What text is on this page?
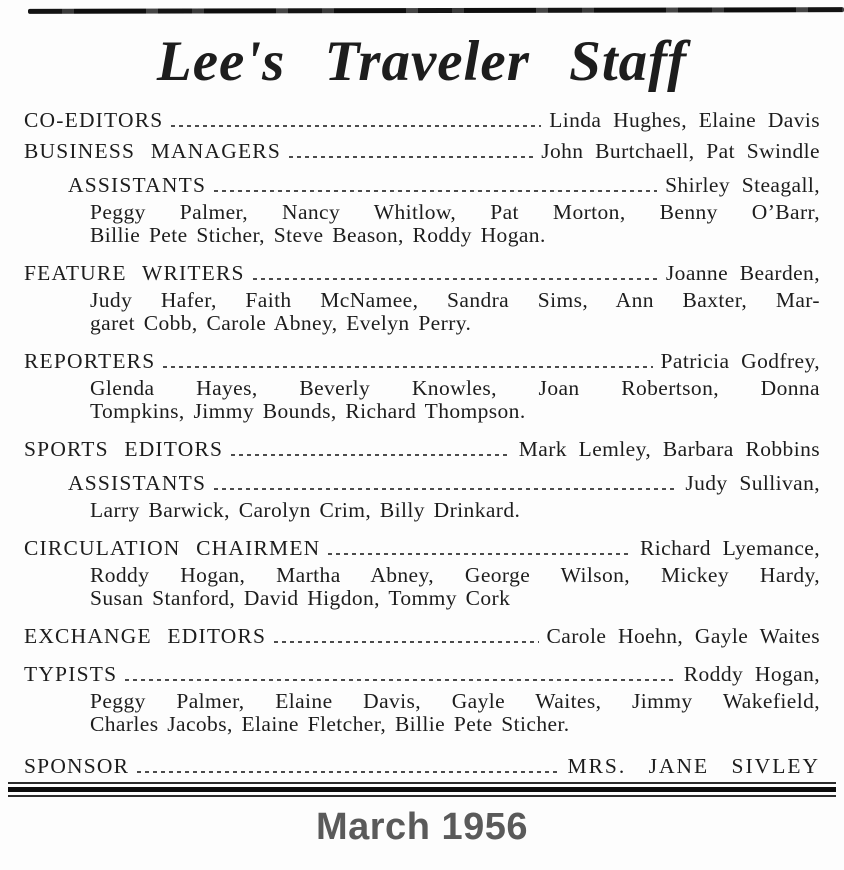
Lee's Traveler Staff
CO-EDITORS	Linda Hughes, Elaine Davis
BUSINESS MANAGERS	John Burtchaell, Pat Swindle
ASSISTANTS	Shirley Steagall,
Peggy Palmer, Nancy Whitlow, Pat Morton, Benny O’Barr,
Billie Pete Sticher, Steve Beason, Roddy Hogan.
FEATURE WRITERS	Joanne Bearden,
Judy Hafer, Faith McNamee, Sandra Sims, Ann Baxter, Mar-
garet Cobb, Carole Abney, Evelyn Perry.
REPORTERS	Patricia Godfrey,
Glenda Hayes, Beverly Knowles, Joan Robertson, Donna
Tompkins, Jimmy Bounds, Richard Thompson.
SPORTS EDITORS	Mark Lemley, Barbara Robbins
ASSISTANTS	Judy Sullivan,
Larry Barwick, Carolyn Crim, Billy Drinkard.
CIRCULATION CHAIRMEN	Richard Lyemance,
Roddy Hogan, Martha Abney, George Wilson, Mickey Hardy,
Susan Stanford, David Higdon, Tommy Cork
EXCHANGE EDITORS	Carole Hoehn, Gayle Waites
TYPISTS	Roddy Hogan,
Peggy Palmer, Elaine Davis, Gayle Waites, Jimmy Wakefield,
Charles Jacobs, Elaine Fletcher, Billie Pete Sticher.
SPONSOR	MRS. JANE SIVLEY
March 1956
